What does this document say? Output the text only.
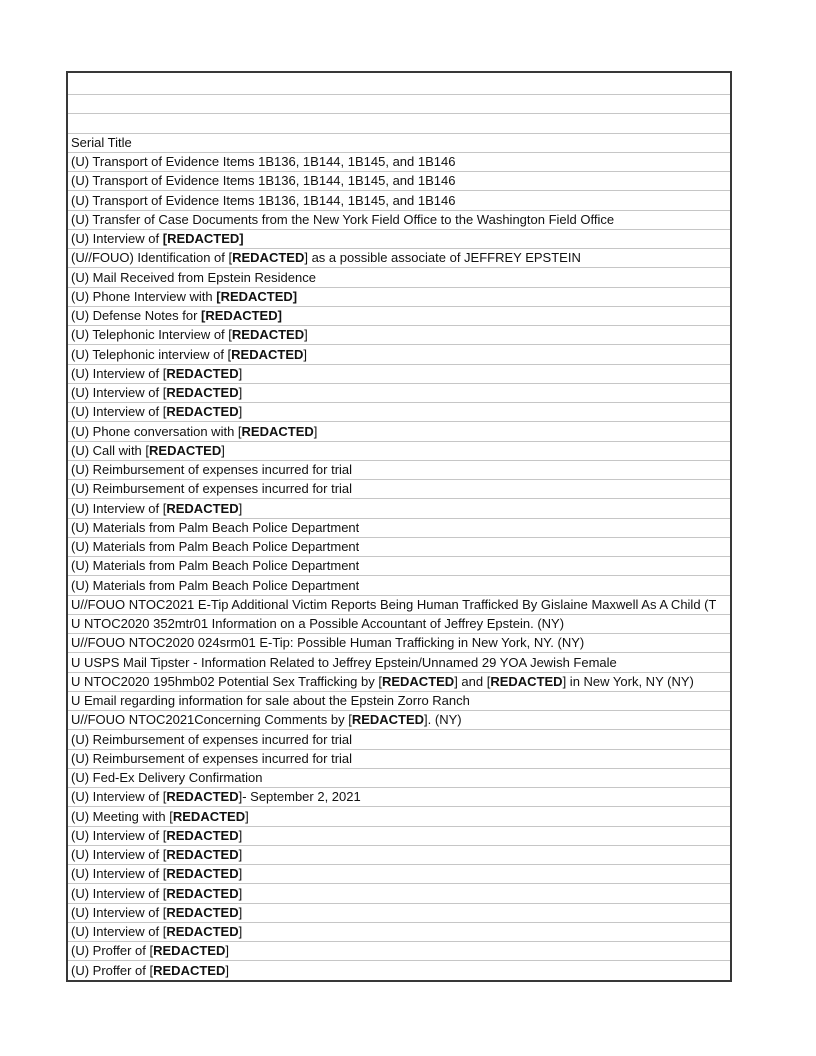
Serial Title
(U) Transport of Evidence Items 1B136, 1B144, 1B145, and 1B146
(U) Transport of Evidence Items 1B136, 1B144, 1B145, and 1B146
(U) Transport of Evidence Items 1B136, 1B144, 1B145, and 1B146
(U) Transfer of Case Documents from the New York Field Office to the Washington Field Office
(U) Interview of [REDACTED]
(U//FOUO) Identification of [REDACTED] as a possible associate of JEFFREY EPSTEIN
(U) Mail Received from Epstein Residence
(U) Phone Interview with [REDACTED]
(U) Defense Notes for [REDACTED]
(U) Telephonic Interview of [REDACTED]
(U) Telephonic interview of [REDACTED]
(U) Interview of [REDACTED]
(U) Interview of [REDACTED]
(U) Interview of [REDACTED]
(U) Phone conversation with [REDACTED]
(U) Call with [REDACTED]
(U) Reimbursement of expenses incurred for trial
(U) Reimbursement of expenses incurred for trial
(U) Interview of [REDACTED]
(U) Materials from Palm Beach Police Department
(U) Materials from Palm Beach Police Department
(U) Materials from Palm Beach Police Department
(U) Materials from Palm Beach Police Department
U//FOUO NTOC2021 E-Tip Additional Victim Reports Being Human Trafficked By Gislaine Maxwell As A Child (T
U NTOC2020 352mtr01 Information on a Possible Accountant of Jeffrey Epstein. (NY)
U//FOUO NTOC2020 024srm01 E-Tip: Possible Human Trafficking in New York, NY. (NY)
U USPS Mail Tipster - Information Related to Jeffrey Epstein/Unnamed 29 YOA Jewish Female
U NTOC2020 195hmb02 Potential Sex Trafficking by [REDACTED] and [REDACTED] in New York, NY (NY)
U Email regarding information for sale about the Epstein Zorro Ranch
U//FOUO NTOC2021Concerning Comments by [REDACTED]. (NY)
(U) Reimbursement of expenses incurred for trial
(U) Reimbursement of expenses incurred for trial
(U) Fed-Ex Delivery Confirmation
(U) Interview of [REDACTED]- September 2, 2021
(U) Meeting with [REDACTED]
(U) Interview of [REDACTED]
(U) Interview of [REDACTED]
(U) Interview of [REDACTED]
(U) Interview of [REDACTED]
(U) Interview of [REDACTED]
(U) Interview of [REDACTED]
(U) Proffer of [REDACTED]
(U) Proffer of [REDACTED]
